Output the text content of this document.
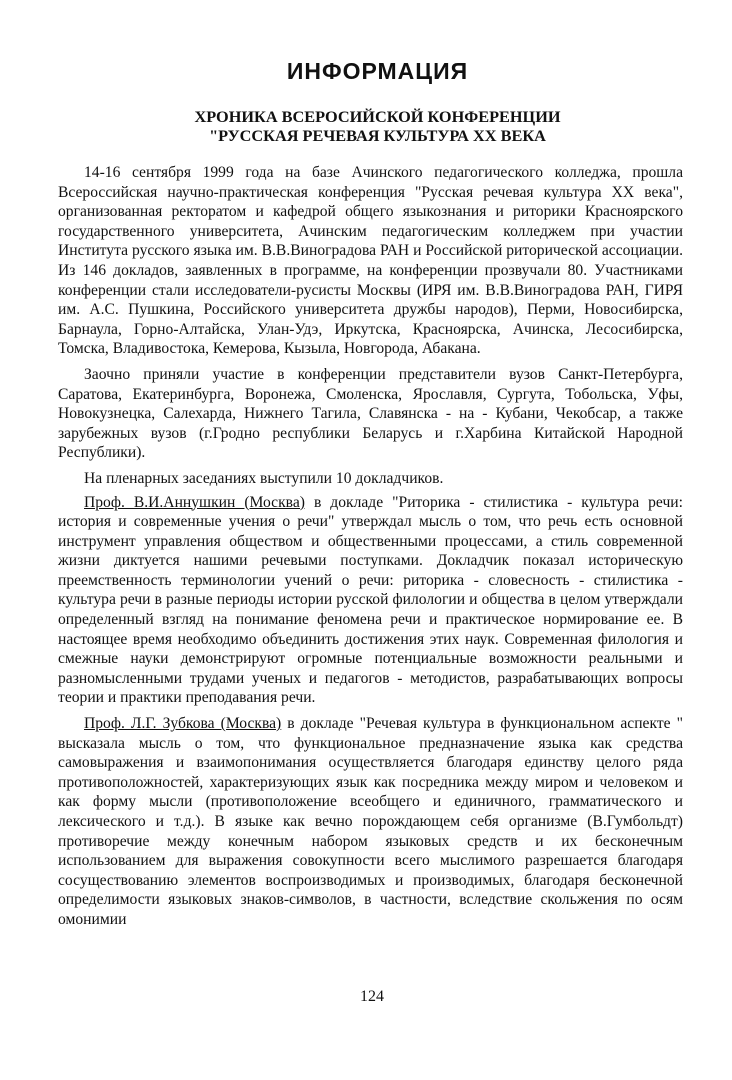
ИНФОРМАЦИЯ
ХРОНИКА ВСЕРОСИЙСКОЙ КОНФЕРЕНЦИИ
"РУССКАЯ РЕЧЕВАЯ КУЛЬТУРА ХХ ВЕКА

14-16 сентября 1999 года на базе Ачинского педагогического колледжа, прошла Всероссийская научно-практическая конференция "Русская речевая культура ХХ века", организованная ректоратом и кафедрой общего языкознания и риторики Красноярского государственного университета, Ачинским педагогическим колледжем при участии Института русского языка им. В.В.Виноградова РАН и Российской риторической ассоциации. Из 146 докладов, заявленных в программе, на конференции прозвучали 80. Участниками конференции стали исследователи-русисты Москвы (ИРЯ им. В.В.Виноградова РАН, ГИРЯ им. А.С. Пушкина, Российского университета дружбы народов), Перми, Новосибирска, Барнаула, Горно-Алтайска, Улан-Удэ, Иркутска, Красноярска, Ачинска, Лесосибирска, Томска, Владивостока, Кемерова, Кызыла, Новгорода, Абакана.

Заочно приняли участие в конференции представители вузов Санкт-Петербурга, Саратова, Екатеринбурга, Воронежа, Смоленска, Ярославля, Сургута, Тобольска, Уфы, Новокузнецка, Салехарда, Нижнего Тагила, Славянска - на - Кубани, Чекобсар, а также зарубежных вузов (г.Гродно республики Беларусь и г.Харбина Китайской Народной Республики).

На пленарных заседаниях выступили 10 докладчиков.

Проф. В.И.Аннушкин (Москва) в докладе "Риторика - стилистика - культура речи: история и современные учения о речи" утверждал мысль о том, что речь есть основной инструмент управления обществом и общественными процессами, а стиль современной жизни диктуется нашими речевыми поступками. Докладчик показал историческую преемственность терминологии учений о речи: риторика - словесность - стилистика - культура речи в разные периоды истории русской филологии и общества в целом утверждали определенный взгляд на понимание феномена речи и практическое нормирование ее. В настоящее время необходимо объединить достижения этих наук. Современная филология и смежные науки демонстрируют огромные потенциальные возможности реальными и разномысленными трудами ученых и педагогов - методистов, разрабатывающих вопросы теории и практики преподавания речи.

Проф. Л.Г. Зубкова (Москва) в докладе "Речевая культура в функциональном аспекте " высказала мысль о том, что функциональное предназначение языка как средства самовыражения и взаимопонимания осуществляется благодаря единству целого ряда противоположностей, характеризующих язык как посредника между миром и человеком и как форму мысли (противоположение всеобщего и единичного, грамматического и лексического и т.д.). В языке как вечно порождающем себя организме (В.Гумбольдт) противоречие между конечным набором языковых средств и их бесконечным использованием для выражения совокупности всего мыслимого разрешается благодаря сосуществованию элементов воспроизводимых и производимых, благодаря бесконечной определимости языковых знаков-символов, в частности, вследствие скольжения по осям омонимии

124
